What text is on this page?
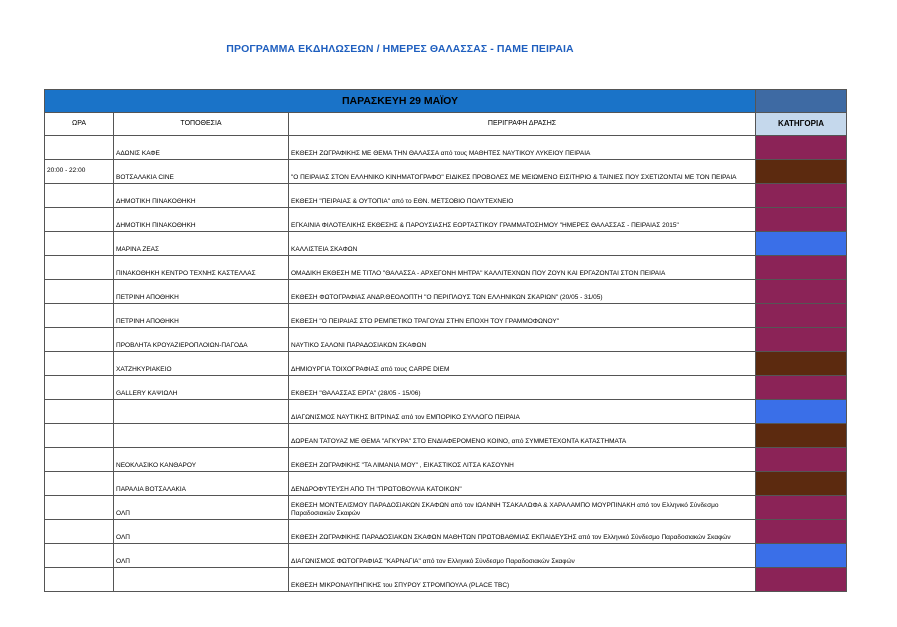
ΠΡΟΓΡΑΜΜΑ ΕΚΔΗΛΩΣΕΩΝ / ΗΜΕΡΕΣ ΘΑΛΑΣΣΑΣ - ΠΑΜΕ ΠΕΙΡΑΙΑ
ΠΑΡΑΣΚΕΥΗ 29 ΜΑΪΟΥ			
ΩΡΑ	ΤΟΠΟΘΕΣΙΑ	ΠΕΡΙΓΡΑΦΗ ΔΡΑΣΗΣ	ΚΑΤΗΓΟΡΙΑ
	ΑΔΩΝΙΣ ΚΑΦΕ	ΕΚΘΕΣΗ ΖΩΓΡΑΦΙΚΗΣ ΜΕ ΘΕΜΑ ΤΗΝ ΘΑΛΑΣΣΑ από τους ΜΑΘΗΤΕΣ ΝΑΥΤΙΚΟΥ ΛΥΚΕΙΟΥ ΠΕΙΡΑΙΑ	
20:00 - 22:00	ΒΟΤΣΑΛΑΚΙΑ CINE	"Ο ΠΕΙΡΑΙΑΣ ΣΤΟΝ ΕΛΛΗΝΙΚΟ ΚΙΝΗΜΑΤΟΓΡΑΦΟ" ΕΙΔΙΚΕΣ ΠΡΟΒΟΛΕΣ ΜΕ ΜΕΙΩΜΕΝΟ ΕΙΣΙΤΗΡΙΟ & ΤΑΙΝΙΕΣ ΠΟΥ ΣΧΕΤΙΖΟΝΤΑΙ ΜΕ ΤΟΝ ΠΕΙΡΑΙΑ	
	ΔΗΜΟΤΙΚΗ ΠΙΝΑΚΟΘΗΚΗ	ΕΚΘΕΣΗ "ΠΕΙΡΑΙΑΣ & ΟΥΤΟΠΙΑ" από το ΕΘΝ. ΜΕΤΣΟΒΙΟ ΠΟΛΥΤΕΧΝΕΙΟ	
	ΔΗΜΟΤΙΚΗ ΠΙΝΑΚΟΘΗΚΗ	ΕΓΚΑΙΝΙΑ ΦΙΛΟΤΕΛΙΚΗΣ ΕΚΘΕΣΗΣ & ΠΑΡΟΥΣΙΑΣΗΣ ΕΟΡΤΑΣΤΙΚΟΥ ΓΡΑΜΜΑΤΟΣΗΜΟΥ "ΗΜΕΡΕΣ ΘΑΛΑΣΣΑΣ - ΠΕΙΡΑΙΑΣ 2015"	
	ΜΑΡΙΝΑ ΖΕΑΣ	ΚΑΛΛΙΣΤΕΙΑ ΣΚΑΦΩΝ	
	ΠΙΝΑΚΟΘΗΚΗ ΚΕΝΤΡΟ ΤΕΧΝΗΣ ΚΑΣΤΕΛΛΑΣ	ΟΜΑΔΙΚΗ ΕΚΘΕΣΗ ΜΕ ΤΙΤΛΟ "ΘΑΛΑΣΣΑ - ΑΡΧΕΓΟΝΗ ΜΗΤΡΑ" ΚΑΛΛΙΤΕΧΝΩΝ ΠΟΥ ΖΟΥΝ ΚΑΙ ΕΡΓΑΖΟΝΤΑΙ ΣΤΟΝ ΠΕΙΡΑΙΑ	
	ΠΕΤΡΙΝΗ ΑΠΟΘΗΚΗ	ΕΚΘΕΣΗ ΦΩΤΟΓΡΑΦΙΑΣ ΑΝΔΡ.ΘΕΟΛΟΠΤΗ "Ο ΠΕΡΙΠΛΟΥΣ ΤΩΝ ΕΛΛΗΝΙΚΩΝ ΣΚΑΡΙΩΝ" (20/05 - 31/05)	
	ΠΕΤΡΙΝΗ ΑΠΟΘΗΚΗ	ΕΚΘΕΣΗ "Ο ΠΕΙΡΑΙΑΣ ΣΤΟ ΡΕΜΠΕΤΙΚΟ ΤΡΑΓΟΥΔΙ ΣΤΗΝ ΕΠΟΧΗ ΤΟΥ ΓΡΑΜΜΟΦΩΝΟΥ"	
	ΠΡΟΒΛΗΤΑ ΚΡΟΥΑΖΙΕΡΟΠΛΟΙΩΝ-ΠΑΓΟΔΑ	ΝΑΥΤΙΚΟ ΣΑΛΟΝΙ ΠΑΡΑΔΟΣΙΑΚΩΝ ΣΚΑΦΩΝ	
	ΧΑΤΖΗΚΥΡΙΑΚΕΙΟ	ΔΗΜΙΟΥΡΓΙΑ ΤΟΙΧΟΓΡΑΦΙΑΣ από τους CARPE DIEM	
	GALLERY ΚΑΨΙΩΛΗ	ΕΚΘΕΣΗ "ΘΑΛΑΣΣΑΣ ΕΡΓΑ" (28/05 - 15/06)	
		ΔΙΑΓΩΝΙΣΜΟΣ ΝΑΥΤΙΚΗΣ ΒΙΤΡΙΝΑΣ από τον ΕΜΠΟΡΙΚΟ ΣΥΛΛΟΓΟ ΠΕΙΡΑΙΑ	
		ΔΩΡΕΑΝ ΤΑΤΟΥΑΖ ΜΕ ΘΕΜΑ "ΑΓΚΥΡΑ" ΣΤΟ ΕΝΔΙΑΦΕΡΟΜΕΝΟ ΚΟΙΝΟ, από ΣΥΜΜΕΤΕΧΟΝΤΑ ΚΑΤΑΣΤΗΜΑΤΑ	
	ΝΕΟΚΛΑΣΙΚΟ ΚΑΝΘΑΡΟΥ	ΕΚΘΕΣΗ ΖΩΓΡΑΦΙΚΗΣ "ΤΑ ΛΙΜΑΝΙΑ ΜΟΥ" , ΕΙΚΑΣΤΙΚΟΣ ΛΙΤΣΑ ΚΑΣΟΥΝΗ	
	ΠΑΡΑΛΙΑ ΒΟΤΣΑΛΑΚΙΑ	ΔΕΝΔΡΟΦΥΤΕΥΣΗ ΑΠΟ ΤΗ "ΠΡΩΤΟΒΟΥΛΙΑ ΚΑΤΟΙΚΩΝ"	
	ΟΛΠ	ΕΚΘΕΣΗ ΜΟΝΤΕΛΙΣΜΟΥ ΠΑΡΑΔΟΣΙΑΚΩΝ ΣΚΑΦΩΝ από τον ΙΩΑΝΝΗ ΤΣΑΚΑΛΩΦΑ & ΧΑΡΑΛΑΜΠΟ ΜΟΥΡΠΙΝΑΚΗ από τον Ελληνικό Σύνδεσμο Παραδοσιακών Σκαφών	
	ΟΛΠ	ΕΚΘΕΣΗ ΖΩΓΡΑΦΙΚΗΣ ΠΑΡΑΔΟΣΙΑΚΩΝ ΣΚΑΦΩΝ ΜΑΘΗΤΩΝ ΠΡΩΤΟΒΑΘΜΙΑΣ ΕΚΠΑΙΔΕΥΣΗΣ από τον Ελληνικό Σύνδεσμο Παραδοσιακών Σκαφών	
	ΟΛΠ	ΔΙΑΓΩΝΙΣΜΟΣ ΦΩΤΟΓΡΑΦΙΑΣ "ΚΑΡΝΑΓΙΑ" από τον Ελληνικό Σύνδεσμο Παραδοσιακών Σκαφών	
		ΕΚΘΕΣΗ ΜΙΚΡΟΝΑΥΠΗΓΙΚΗΣ του ΣΠΥΡΟΥ ΣΤΡΟΜΠΟΥΛΑ (PLACE TBC)	
